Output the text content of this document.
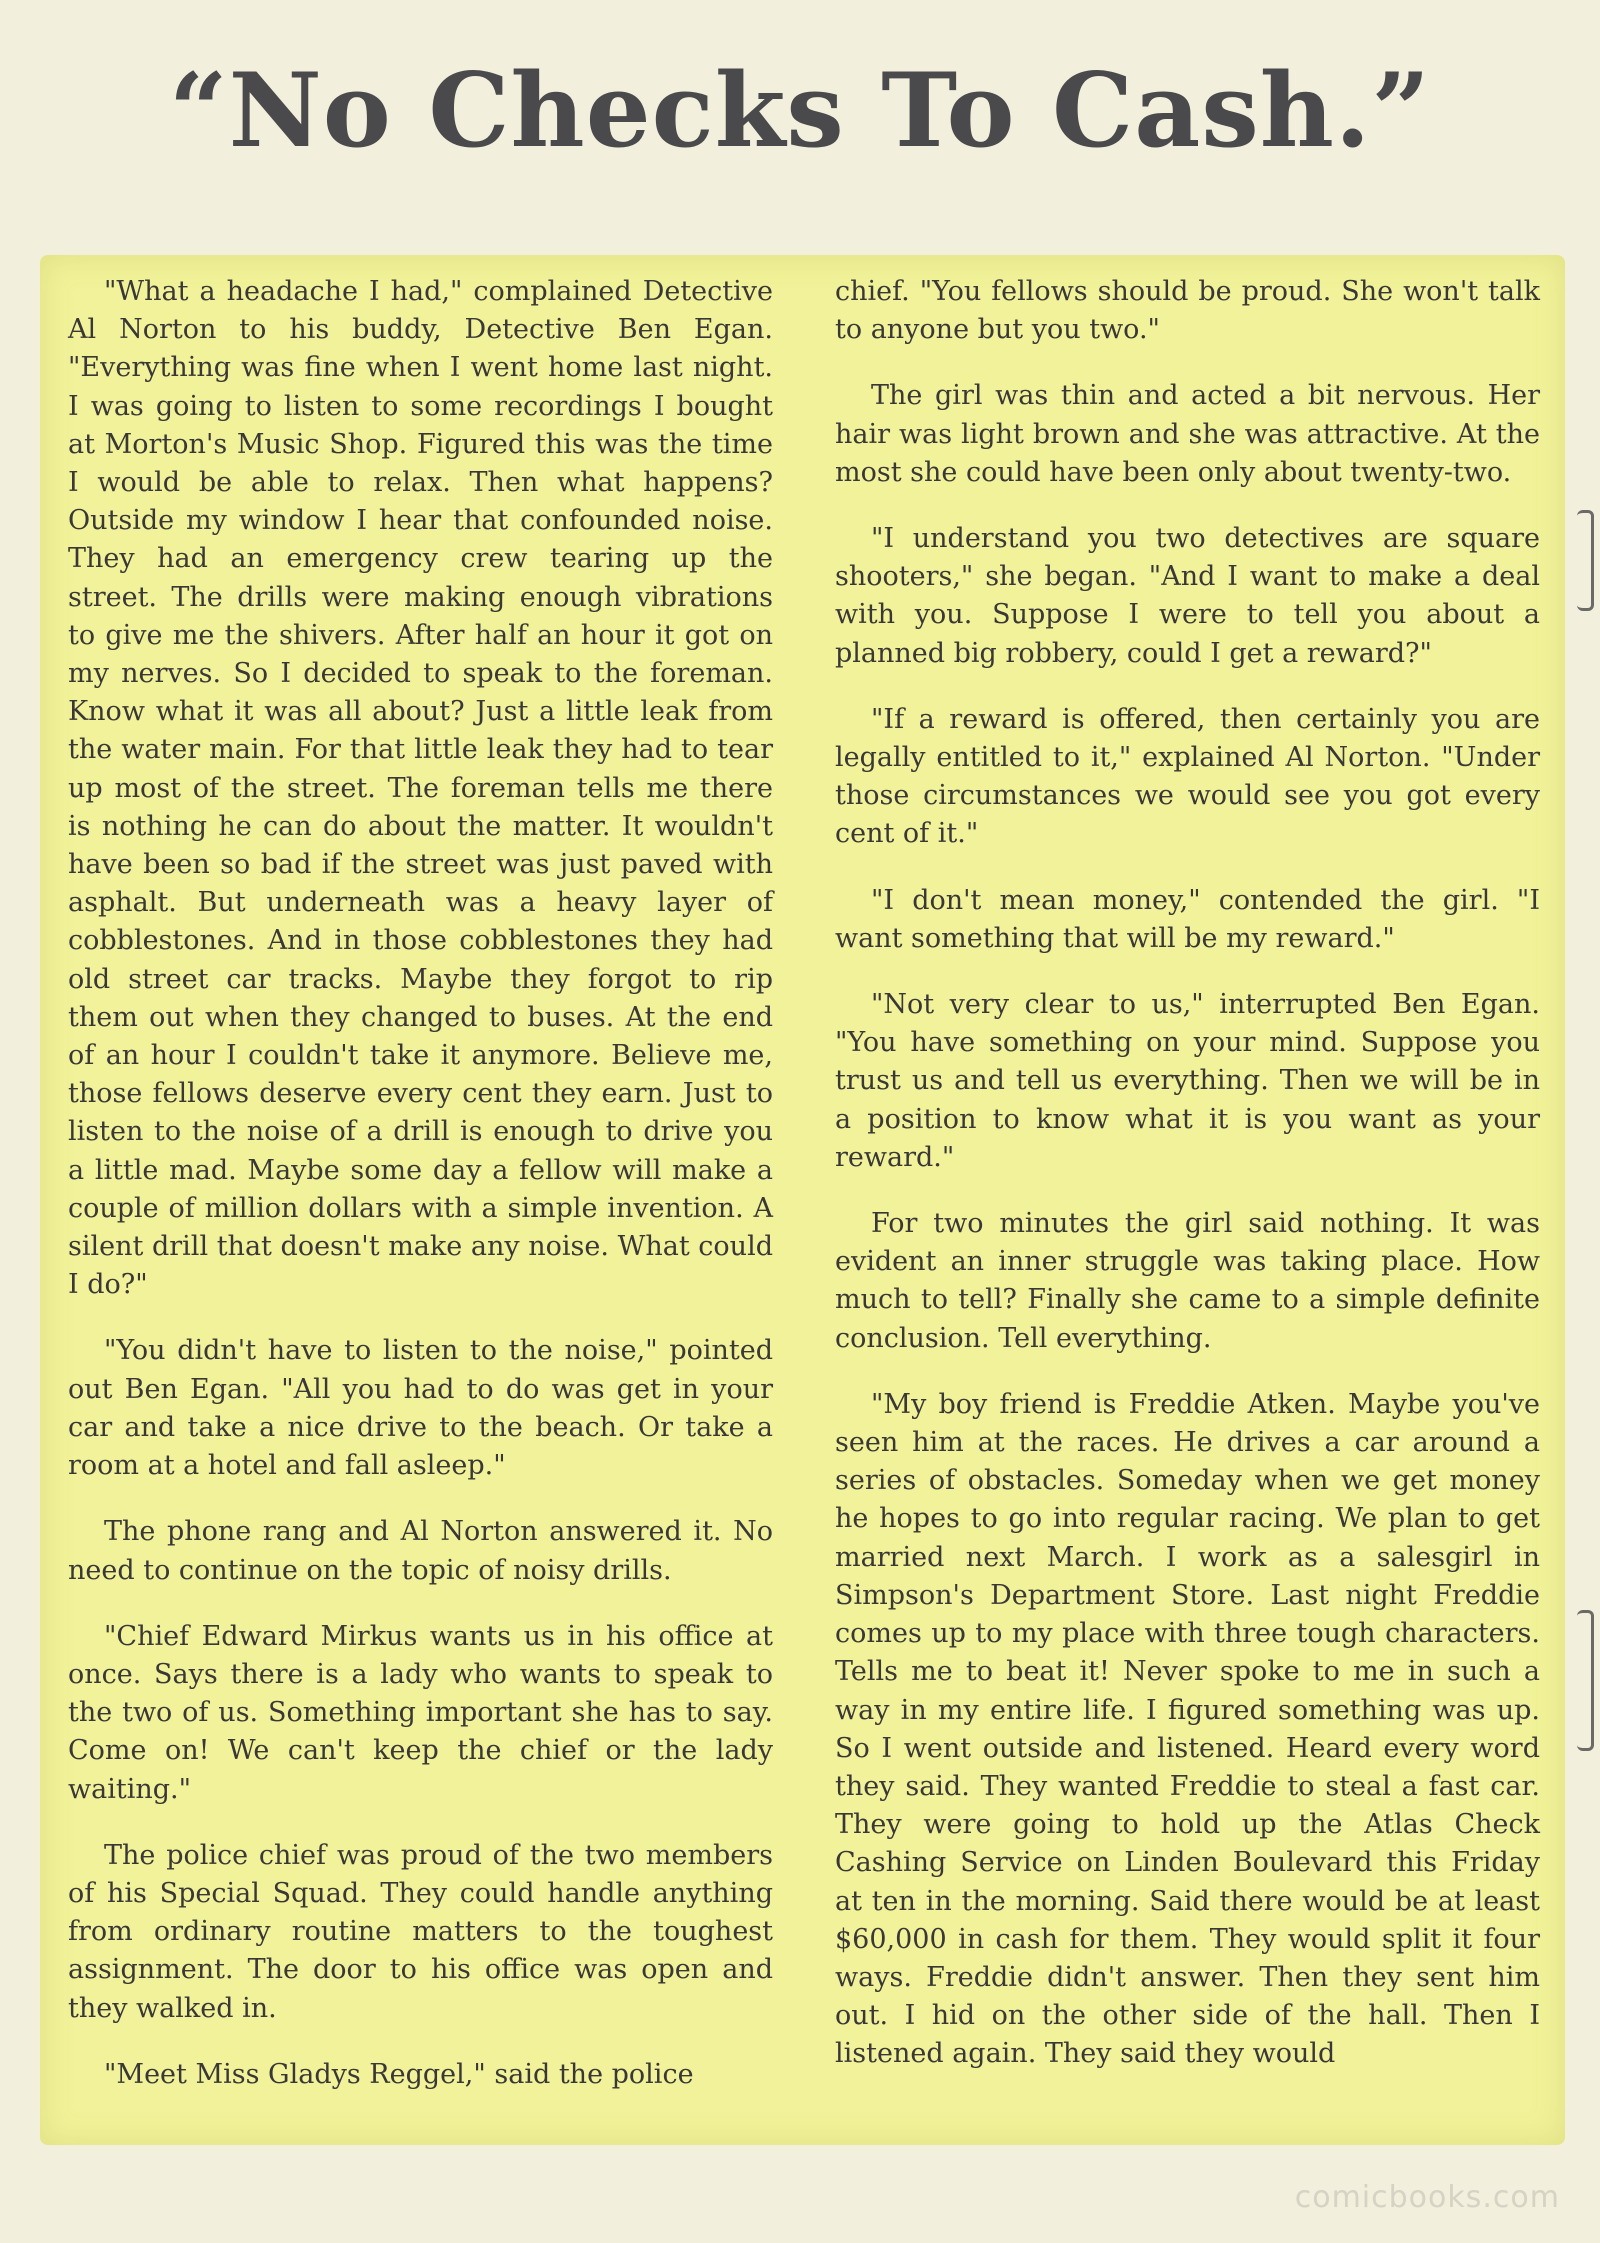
“No Checks To Cash.”

"What a headache I had," complained Detective Al Norton to his buddy, Detective Ben Egan. "Everything was fine when I went home last night. I was going to listen to some recordings I bought at Morton's Music Shop. Figured this was the time I would be able to relax. Then what happens? Outside my window I hear that confounded noise. They had an emergency crew tearing up the street. The drills were making enough vibrations to give me the shivers. After half an hour it got on my nerves. So I decided to speak to the foreman. Know what it was all about? Just a little leak from the water main. For that little leak they had to tear up most of the street. The foreman tells me there is nothing he can do about the matter. It wouldn't have been so bad if the street was just paved with asphalt. But underneath was a heavy layer of cobblestones. And in those cobblestones they had old street car tracks. Maybe they forgot to rip them out when they changed to buses. At the end of an hour I couldn't take it anymore. Believe me, those fellows deserve every cent they earn. Just to listen to the noise of a drill is enough to drive you a little mad. Maybe some day a fellow will make a couple of million dollars with a simple invention. A silent drill that doesn't make any noise. What could I do?"

"You didn't have to listen to the noise," pointed out Ben Egan. "All you had to do was get in your car and take a nice drive to the beach. Or take a room at a hotel and fall asleep."

The phone rang and Al Norton answered it. No need to continue on the topic of noisy drills.

"Chief Edward Mirkus wants us in his office at once. Says there is a lady who wants to speak to the two of us. Something important she has to say. Come on! We can't keep the chief or the lady waiting."

The police chief was proud of the two members of his Special Squad. They could handle anything from ordinary routine matters to the toughest assignment. The door to his office was open and they walked in.

"Meet Miss Gladys Reggel," said the police

chief. "You fellows should be proud. She won't talk to anyone but you two."

The girl was thin and acted a bit nervous. Her hair was light brown and she was attractive. At the most she could have been only about twenty-two.

"I understand you two detectives are square shooters," she began. "And I want to make a deal with you. Suppose I were to tell you about a planned big robbery, could I get a reward?"

"If a reward is offered, then certainly you are legally entitled to it," explained Al Norton. "Under those circumstances we would see you got every cent of it."

"I don't mean money," contended the girl. "I want something that will be my reward."

"Not very clear to us," interrupted Ben Egan. "You have something on your mind. Suppose you trust us and tell us everything. Then we will be in a position to know what it is you want as your reward."

For two minutes the girl said nothing. It was evident an inner struggle was taking place. How much to tell? Finally she came to a simple definite conclusion. Tell everything.

"My boy friend is Freddie Atken. Maybe you've seen him at the races. He drives a car around a series of obstacles. Someday when we get money he hopes to go into regular racing. We plan to get married next March. I work as a salesgirl in Simpson's Department Store. Last night Freddie comes up to my place with three tough characters. Tells me to beat it! Never spoke to me in such a way in my entire life. I figured something was up. So I went outside and listened. Heard every word they said. They wanted Freddie to steal a fast car. They were going to hold up the Atlas Check Cashing Service on Linden Boulevard this Friday at ten in the morning. Said there would be at least $60,000 in cash for them. They would split it four ways. Freddie didn't answer. Then they sent him out. I hid on the other side of the hall. Then I listened again. They said they would

comicbooks.com
